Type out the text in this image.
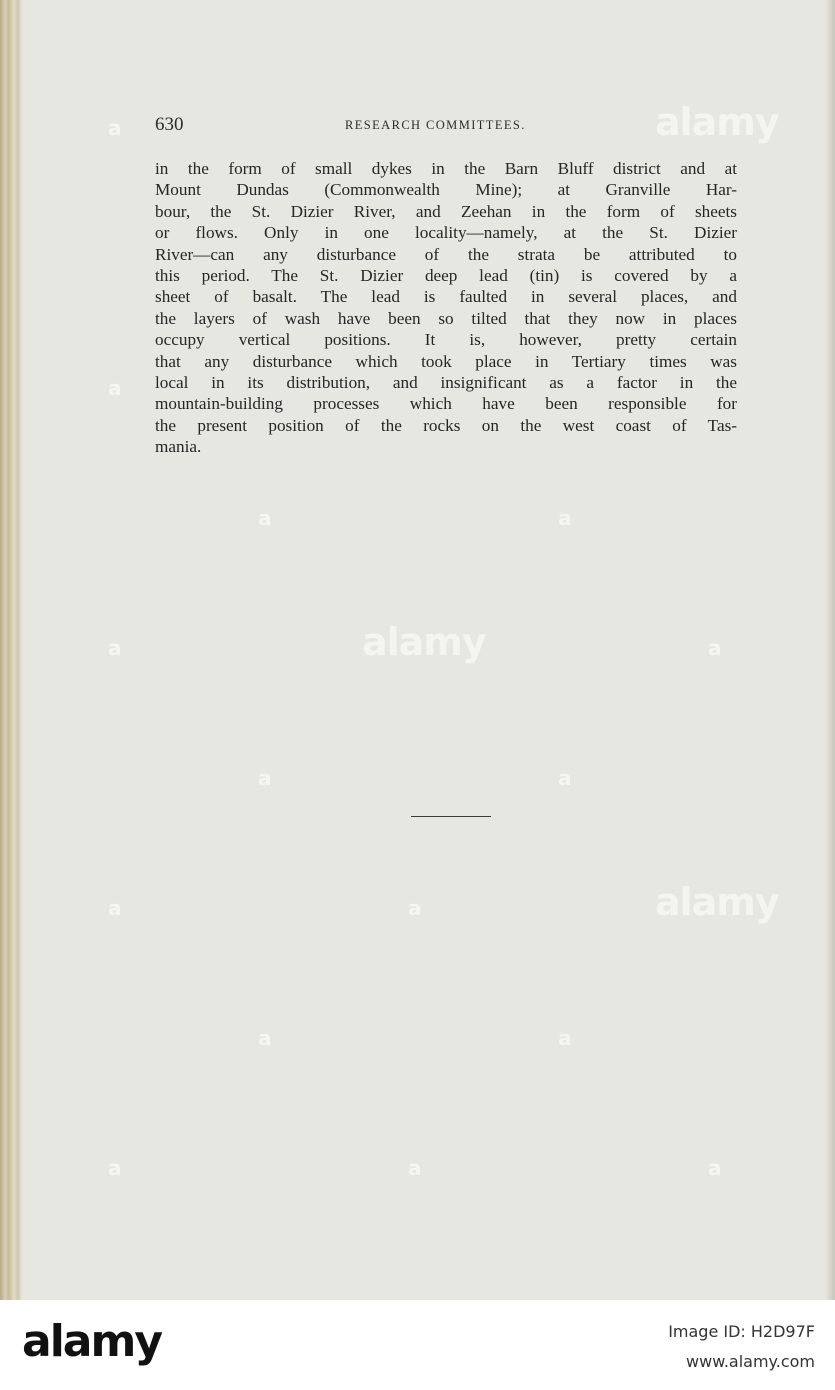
630	RESEARCH COMMITTEES.
in the form of small dykes in the Barn Bluff district and at
Mount Dundas (Commonwealth Mine); at Granville Har-
bour, the St. Dizier River, and Zeehan in the form of sheets
or flows. Only in one locality—namely, at the St. Dizier
River—can any disturbance of the strata be attributed to
this period. The St. Dizier deep lead (tin) is covered by a
sheet of basalt. The lead is faulted in several places, and
the layers of wash have been so tilted that they now in places
occupy vertical positions. It is, however, pretty certain
that any disturbance which took place in Tertiary times was
local in its distribution, and insignificant as a factor in the
mountain-building processes which have been responsible for
the present position of the rocks on the west coast of Tas-
mania.
alamy
alamy
alamy
a
a
a	a
a	a
a	a
a	a
a	a
a	a	a
alamy	Image ID: H2D97F
www.alamy.com
